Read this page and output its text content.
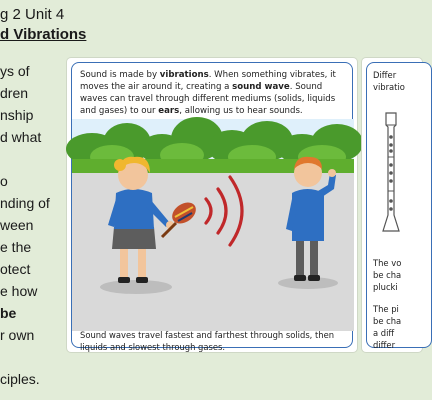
g 2 Unit 4
d Vibrations
ys of
dren
nship
d what
o
nding of
ween
e the
otect
e how
be
r own
ciples.
Sound is made by vibrations. When something vibrates, it moves the air around it, creating a sound wave. Sound waves can travel through different mediums (solids, liquids and gases) to our ears, allowing us to hear sounds.
Sound waves travel fastest and farthest through solids, then liquids and slowest through gases.
Differ
vibratio
The vo
be cha
plucki
The pi
be cha
a diff
differ
